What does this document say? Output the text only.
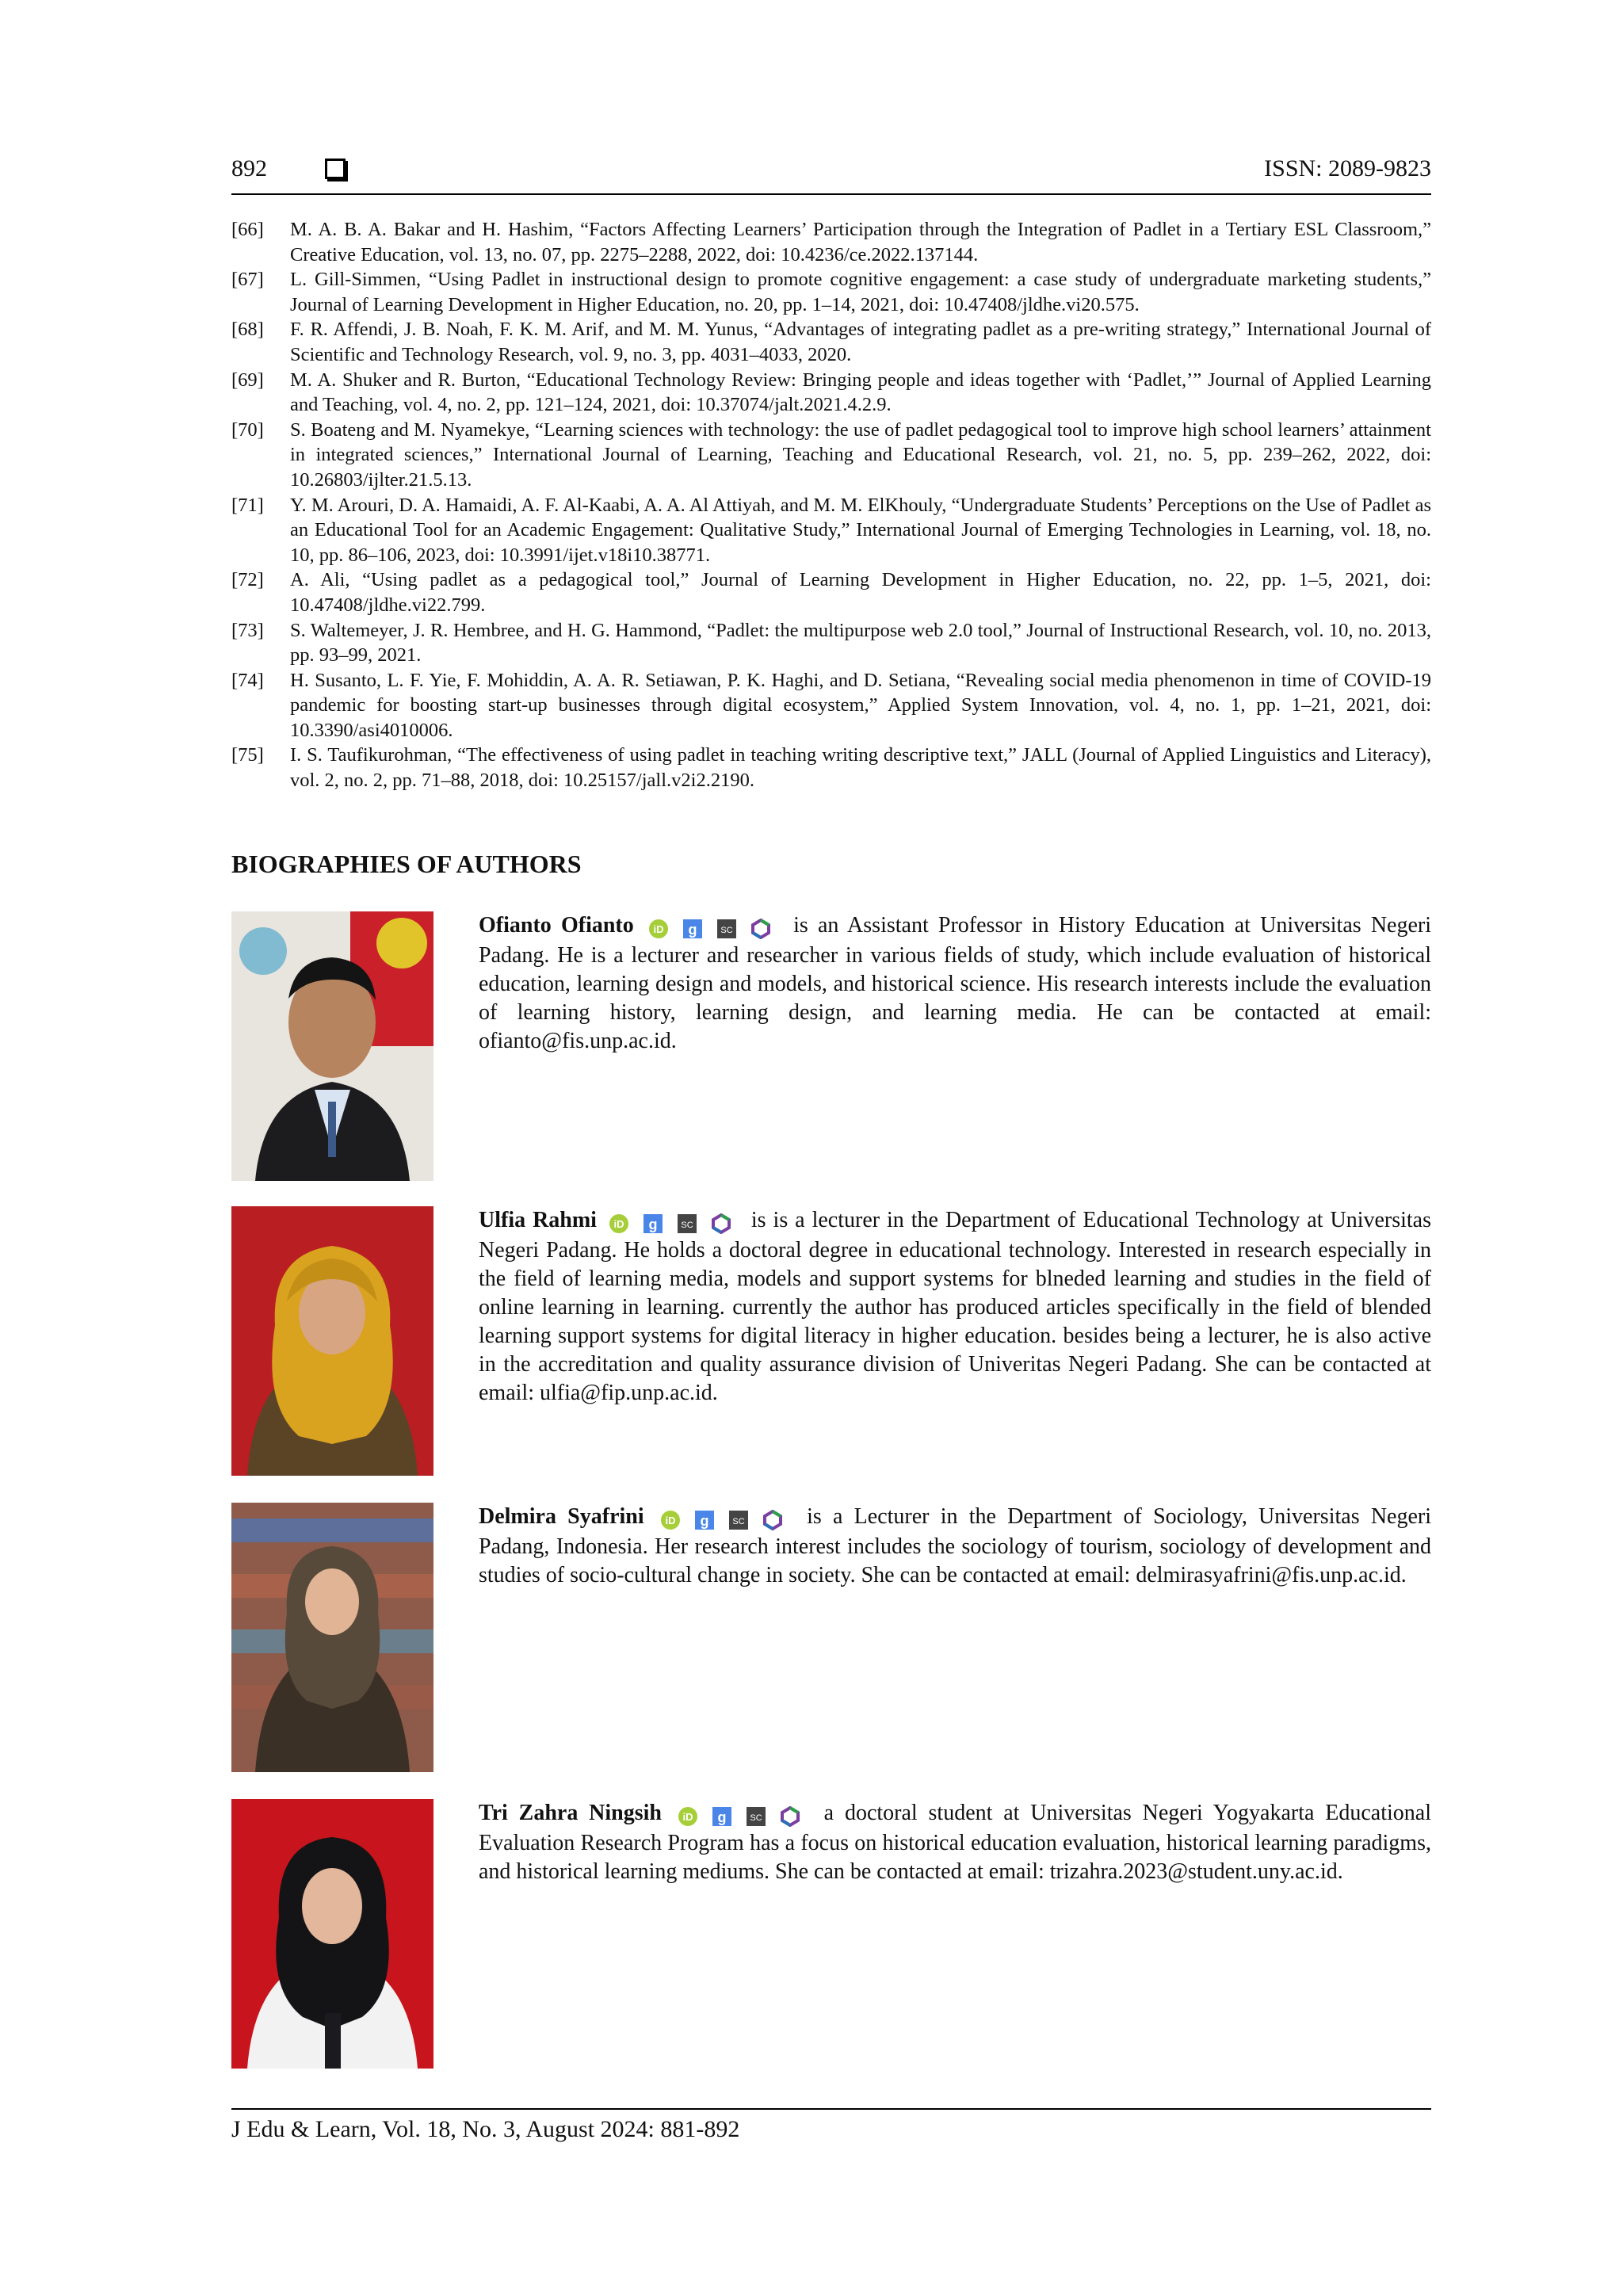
892	ISSN: 2089-9823
[66]	M. A. B. A. Bakar and H. Hashim, “Factors Affecting Learners’ Participation through the Integration of Padlet in a Tertiary ESL Classroom,” Creative Education, vol. 13, no. 07, pp. 2275–2288, 2022, doi: 10.4236/ce.2022.137144.
[67]	L. Gill-Simmen, “Using Padlet in instructional design to promote cognitive engagement: a case study of undergraduate marketing students,” Journal of Learning Development in Higher Education, no. 20, pp. 1–14, 2021, doi: 10.47408/jldhe.vi20.575.
[68]	F. R. Affendi, J. B. Noah, F. K. M. Arif, and M. M. Yunus, “Advantages of integrating padlet as a pre-writing strategy,” International Journal of Scientific and Technology Research, vol. 9, no. 3, pp. 4031–4033, 2020.
[69]	M. A. Shuker and R. Burton, “Educational Technology Review: Bringing people and ideas together with ‘Padlet,’” Journal of Applied Learning and Teaching, vol. 4, no. 2, pp. 121–124, 2021, doi: 10.37074/jalt.2021.4.2.9.
[70]	S. Boateng and M. Nyamekye, “Learning sciences with technology: the use of padlet pedagogical tool to improve high school learners’ attainment in integrated sciences,” International Journal of Learning, Teaching and Educational Research, vol. 21, no. 5, pp. 239–262, 2022, doi: 10.26803/ijlter.21.5.13.
[71]	Y. M. Arouri, D. A. Hamaidi, A. F. Al-Kaabi, A. A. Al Attiyah, and M. M. ElKhouly, “Undergraduate Students’ Perceptions on the Use of Padlet as an Educational Tool for an Academic Engagement: Qualitative Study,” International Journal of Emerging Technologies in Learning, vol. 18, no. 10, pp. 86–106, 2023, doi: 10.3991/ijet.v18i10.38771.
[72]	A. Ali, “Using padlet as a pedagogical tool,” Journal of Learning Development in Higher Education, no. 22, pp. 1–5, 2021, doi: 10.47408/jldhe.vi22.799.
[73]	S. Waltemeyer, J. R. Hembree, and H. G. Hammond, “Padlet: the multipurpose web 2.0 tool,” Journal of Instructional Research, vol. 10, no. 2013, pp. 93–99, 2021.
[74]	H. Susanto, L. F. Yie, F. Mohiddin, A. A. R. Setiawan, P. K. Haghi, and D. Setiana, “Revealing social media phenomenon in time of COVID-19 pandemic for boosting start-up businesses through digital ecosystem,” Applied System Innovation, vol. 4, no. 1, pp. 1–21, 2021, doi: 10.3390/asi4010006.
[75]	I. S. Taufikurohman, “The effectiveness of using padlet in teaching writing descriptive text,” JALL (Journal of Applied Linguistics and Literacy), vol. 2, no. 2, pp. 71–88, 2018, doi: 10.25157/jall.v2i2.2190.
BIOGRAPHIES OF AUTHORS
Ofianto Ofianto iD
g
	SC	is an Assistant Professor in History Education at Universitas Negeri Padang. He is a lecturer and researcher in various fields of study, which include evaluation of historical education, learning design and models, and historical science. His research interests include the evaluation of learning history, learning design, and learning media. He can be contacted at email: ofianto@fis.unp.ac.id.
Ulfia Rahmi iD
g
	SC	is is a lecturer in the Department of Educational Technology at Universitas Negeri Padang. He holds a doctoral degree in educational technology. Interested in research especially in the field of learning media, models and support systems for blneded learning and studies in the field of online learning in learning. currently the author has produced articles specifically in the field of blended learning support systems for digital literacy in higher education. besides being a lecturer, he is also active in the accreditation and quality assurance division of Univeritas Negeri Padang. She can be contacted at email: ulfia@fip.unp.ac.id.
Delmira Syafrini iD
g
	SC	is a Lecturer in the Department of Sociology, Universitas Negeri Padang, Indonesia. Her research interest includes the sociology of tourism, sociology of development and studies of socio-cultural change in society. She can be contacted at email: delmirasyafrini@fis.unp.ac.id.
Tri Zahra Ningsih iD
g
	SC	a doctoral student at Universitas Negeri Yogyakarta Educational Evaluation Research Program has a focus on historical education evaluation, historical learning paradigms, and historical learning mediums. She can be contacted at email: trizahra.2023@student.uny.ac.id.
J Edu & Learn, Vol. 18, No. 3, August 2024: 881-892
